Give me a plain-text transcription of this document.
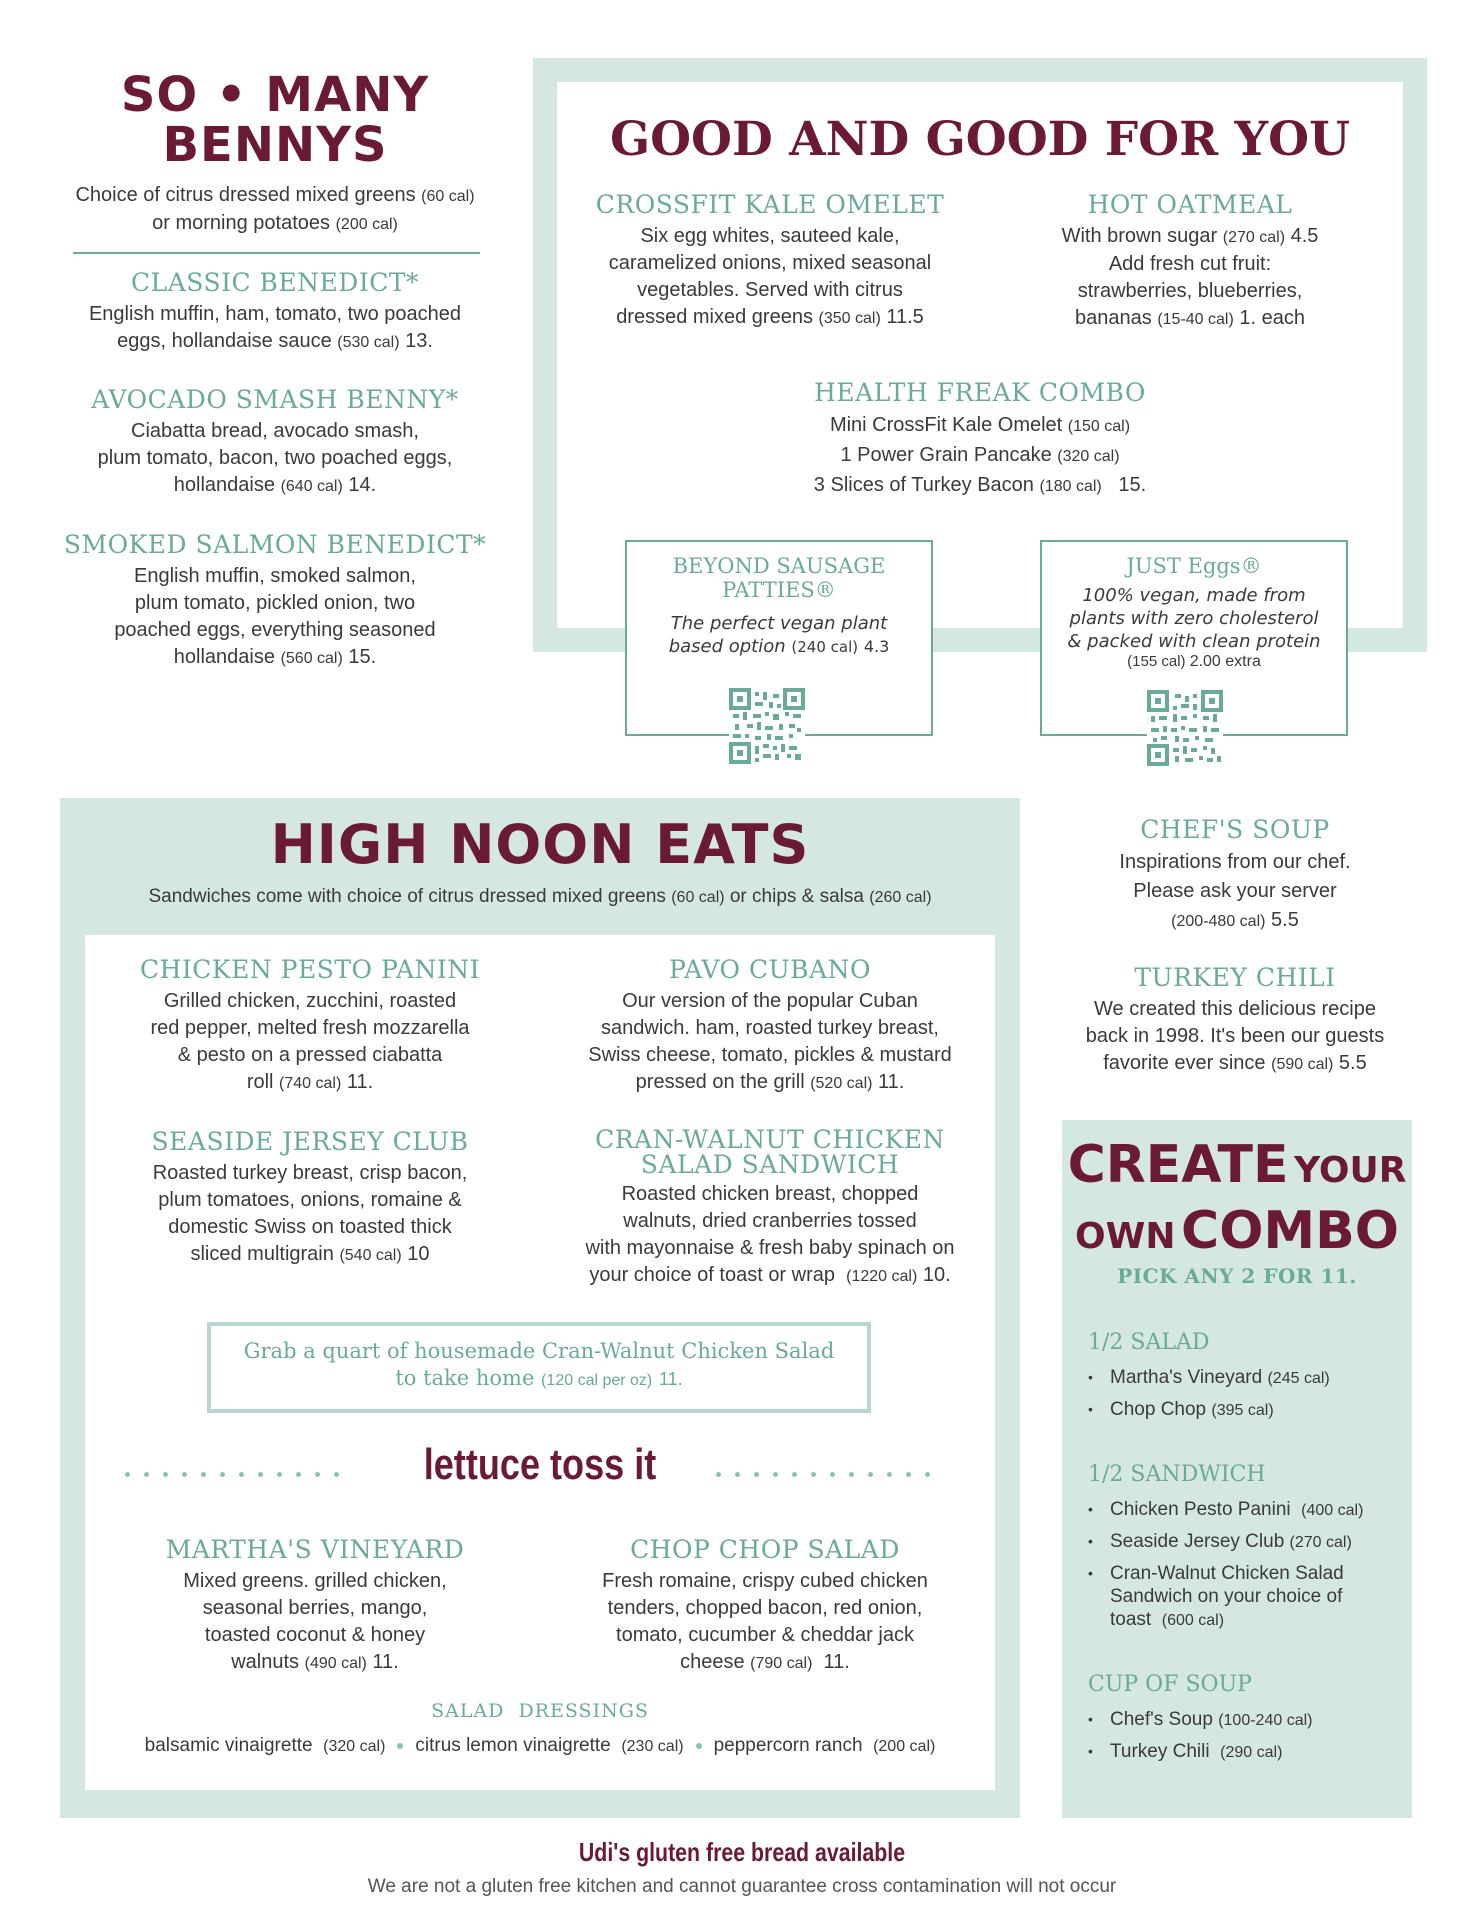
SO • MANY
BENNYS
Choice of citrus dressed mixed greens (60 cal)
or morning potatoes (200 cal)
CLASSIC BENEDICT*
English muffin, ham, tomato, two poached
eggs, hollandaise sauce (530 cal) 13.
AVOCADO SMASH BENNY*
Ciabatta bread, avocado smash,
plum tomato, bacon, two poached eggs,
hollandaise (640 cal) 14.
SMOKED SALMON BENEDICT*
English muffin, smoked salmon,
plum tomato, pickled onion, two
poached eggs, everything seasoned
hollandaise (560 cal) 15.
GOOD AND GOOD FOR YOU
CROSSFIT KALE OMELET
Six egg whites, sauteed kale,
caramelized onions, mixed seasonal
vegetables. Served with citrus
dressed mixed greens (350 cal) 11.5
HOT OATMEAL
With brown sugar (270 cal) 4.5
Add fresh cut fruit:
strawberries, blueberries,
bananas (15-40 cal) 1. each
HEALTH FREAK COMBO
Mini CrossFit Kale Omelet (150 cal)
1 Power Grain Pancake (320 cal)
3 Slices of Turkey Bacon (180 cal) 15.
BEYOND SAUSAGE
PATTIES®
The perfect vegan plant
based option (240 cal) 4.3
JUST Eggs®
100% vegan, made from
plants with zero cholesterol
& packed with clean protein
(155 cal) 2.00 extra
HIGH NOON EATS
Sandwiches come with choice of citrus dressed mixed greens (60 cal) or chips & salsa (260 cal)
CHICKEN PESTO PANINI
Grilled chicken, zucchini, roasted
red pepper, melted fresh mozzarella
& pesto on a pressed ciabatta
roll (740 cal) 11.
PAVO CUBANO
Our version of the popular Cuban
sandwich. ham, roasted turkey breast,
Swiss cheese, tomato, pickles & mustard
pressed on the grill (520 cal) 11.
SEASIDE JERSEY CLUB
Roasted turkey breast, crisp bacon,
plum tomatoes, onions, romaine &
domestic Swiss on toasted thick
sliced multigrain (540 cal) 10
CRAN-WALNUT CHICKEN
SALAD SANDWICH
Roasted chicken breast, chopped
walnuts, dried cranberries tossed
with mayonnaise & fresh baby spinach on
your choice of toast or wrap (1220 cal) 10.
Grab a quart of housemade Cran-Walnut Chicken Salad
to take home (120 cal per oz) 11.
lettuce toss it
MARTHA'S VINEYARD
Mixed greens. grilled chicken,
seasonal berries, mango,
toasted coconut & honey
walnuts (490 cal) 11.
CHOP CHOP SALAD
Fresh romaine, crispy cubed chicken
tenders, chopped bacon, red onion,
tomato, cucumber & cheddar jack
cheese (790 cal) 11.
SALAD  DRESSINGS
balsamic vinaigrette (320 cal) citrus lemon vinaigrette (230 cal) peppercorn ranch (200 cal)
CHEF'S SOUP
Inspirations from our chef.
Please ask your server
(200-480 cal) 5.5
TURKEY CHILI
We created this delicious recipe
back in 1998. It's been our guests
favorite ever since (590 cal) 5.5
CREATE YOUR
OWN COMBO
PICK ANY 2 FOR 11.
1/2 SALAD
• Martha's Vineyard (245 cal)
• Chop Chop (395 cal)
1/2 SANDWICH
• Chicken Pesto Panini (400 cal)
• Seaside Jersey Club (270 cal)
• Cran-Walnut Chicken Salad Sandwich on your choice of toast (600 cal)
CUP OF SOUP
• Chef's Soup (100-240 cal)
• Turkey Chili (290 cal)
Udi's gluten free bread available
We are not a gluten free kitchen and cannot guarantee cross contamination will not occur
